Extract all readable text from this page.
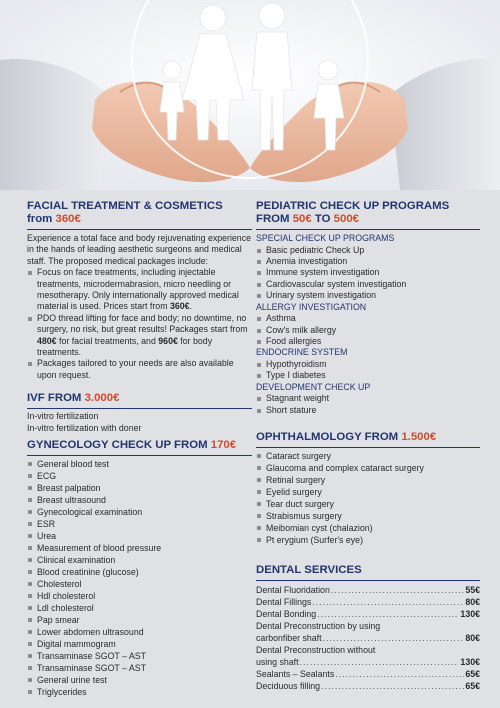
FACIAL TREATMENT & COSMETICS
from 360€
Experience a total face and body rejuvenating experience in the hands of leading aesthetic surgeons and medical staff. The proposed medical packages include:
Focus on face treatments, including injectable treatments, microdermabrasion, micro needling or mesotherapy. Only internationally approved medical material is used. Prices start from 360€.
PDO thread lifting for face and body; no downtime, no surgery, no risk, but great results! Packages start from 480€ for facial treatments, and 960€ for body treatments.
Packages tailored to your needs are also available upon request.
IVF FROM 3.000€
In-vitro fertilization
In-vitro fertilization with doner
GYNECOLOGY CHECK UP FROM 170€
General blood test
ECG
Breast palpation
Breast ultrasound
Gynecological examination
ESR
Urea
Measurement of blood pressure
Clinical examination
Blood creatinine (glucose)
Cholesterol
Hdl cholesterol
Ldl cholesterol
Pap smear
Lower abdomen ultrasound
Digital mammogram
Transaminase SGOT – AST
Transaminase SGOT – AST
General urine test
Triglycerides
PEDIATRIC CHECK UP PROGRAMS
FROM 50€ TO 500€
SPECIAL CHECK UP PROGRAMS
Basic pediatric Check Up
Anemia investigation
Immune system investigation
Cardiovascular system investigation
Urinary system investigation
ALLERGY INVESTIGATION
Asthma
Cow's milk allergy
Food allergies
ENDOCRINE SYSTEM
Hypothyroidism
Type I diabetes
DEVELOPMENT CHECK UP
Stagnant weight
Short stature
OPHTHALMOLOGY FROM 1.500€
Cataract surgery
Glaucoma and complex cataract surgery
Retinal surgery
Eyelid surgery
Tear duct surgery
Strabismus surgery
Meibomian cyst (chalazion)
Pt erygium (Surfer's eye)
DENTAL SERVICES
Dental Fluoridation .....	55€
Dental Fillings .....	80€
Dental Bonding .....	130€
Dental Preconstruction by using
carbonfiber shaft .....	80€
Dental Preconstruction without
using shaft .....	130€
Sealants – Sealants .....	65€
Deciduous filling .....	65€
